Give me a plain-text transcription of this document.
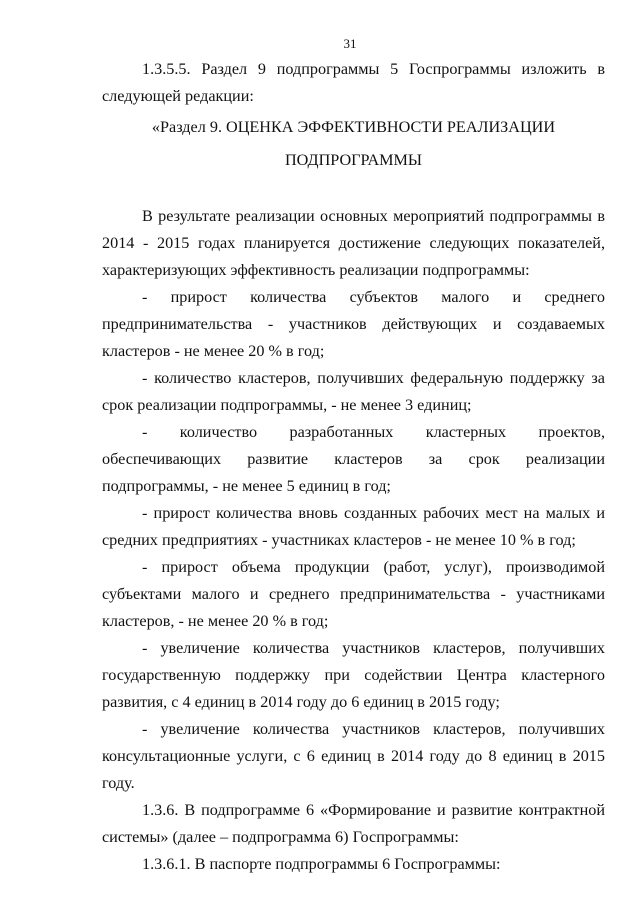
31

1.3.5.5. Раздел 9 подпрограммы 5 Госпрограммы изложить в

следующей редакции:

«Раздел 9. ОЦЕНКА ЭФФЕКТИВНОСТИ РЕАЛИЗАЦИИ

ПОДПРОГРАММЫ

В результате реализации основных мероприятий подпрограммы в 2014 - 2015 годах планируется достижение следующих показателей, характеризующих эффективность реализации подпрограммы:

- прирост количества субъектов малого и среднего предпринимательства - участников действующих и создаваемых кластеров - не менее 20 % в год;

- количество кластеров, получивших федеральную поддержку за срок реализации подпрограммы, - не менее 3 единиц;

- количество разработанных кластерных проектов, обеспечивающих развитие кластеров за срок реализации подпрограммы, - не менее 5 единиц в год;

- прирост количества вновь созданных рабочих мест на малых и средних предприятиях - участниках кластеров - не менее 10 % в год;

- прирост объема продукции (работ, услуг), производимой субъектами малого и среднего предпринимательства - участниками кластеров, - не менее 20 % в год;

- увеличение количества участников кластеров, получивших государственную поддержку при содействии Центра кластерного развития, с 4 единиц в 2014 году до 6 единиц в 2015 году;

- увеличение количества участников кластеров, получивших консультационные услуги, с 6 единиц в 2014 году до 8 единиц в 2015 году.

1.3.6. В подпрограмме 6 «Формирование и развитие контрактной системы» (далее – подпрограмма 6) Госпрограммы:

1.3.6.1. В паспорте подпрограммы 6 Госпрограммы:
